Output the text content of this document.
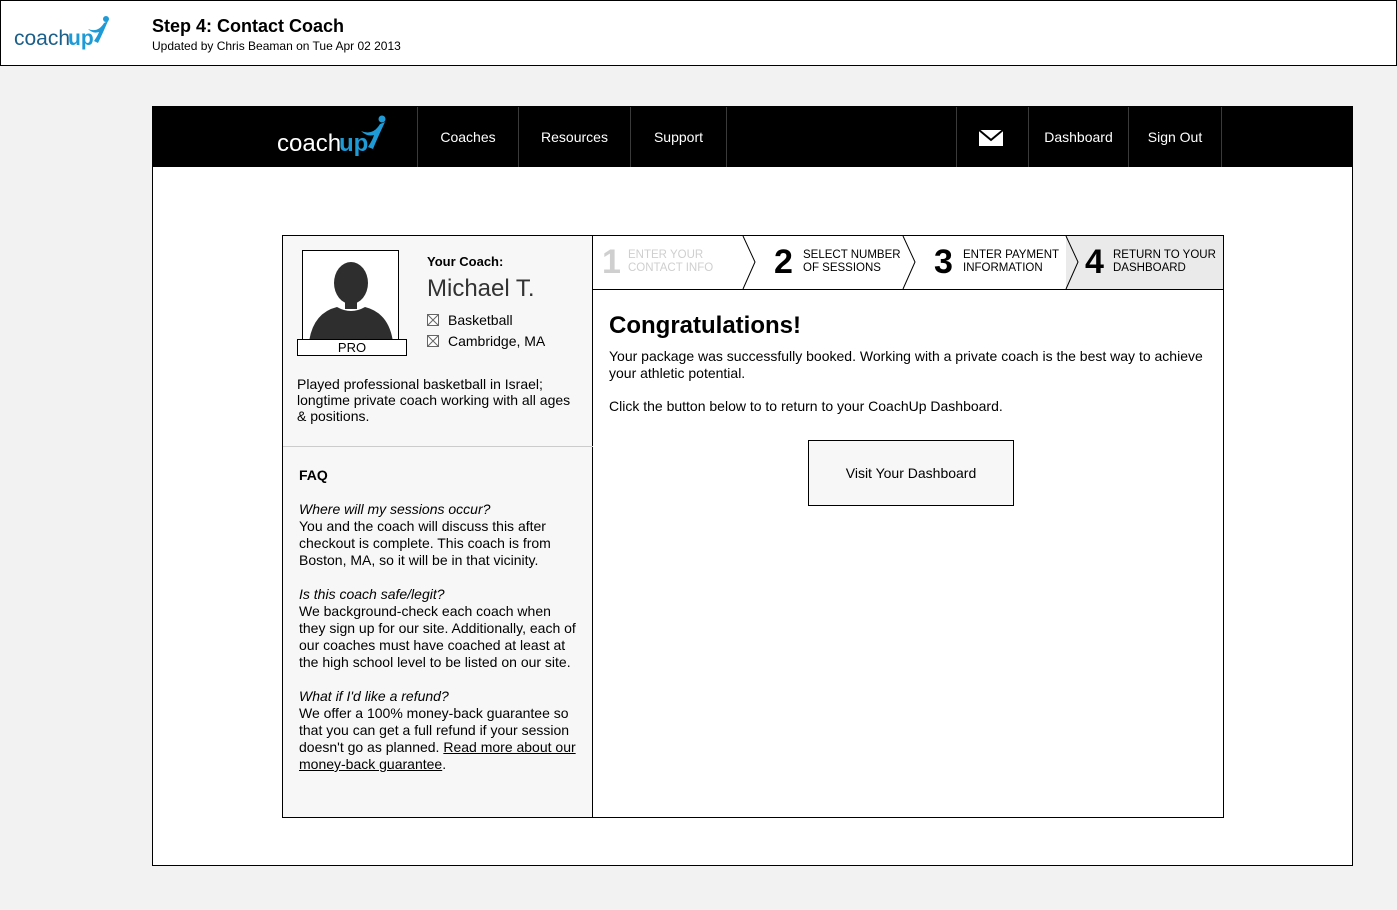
coach
up
Step 4: Contact Coach
Updated by Chris Beaman on Tue Apr 02 2013
coach
up	Coaches	Resources	Support	Dashboard	Sign Out
PRO
Your Coach:
Michael T.
Basketball
Cambridge, MA
Played professional basketball in Israel; longtime private coach working with all ages & positions.
FAQ
Where will my sessions occur?
You and the coach will discuss this after checkout is complete. This coach is from Boston, MA, so it will be in that vicinity.
Is this coach safe/legit?
We background-check each coach when they sign up for our site. Additionally, each of our coaches must have coached at least at the high school level to be listed on our site.
What if I'd like a refund?
We offer a 100% money-back guarantee so that you can get a full refund if your session doesn't go as planned. Read more about our money-back guarantee.
1 ENTER YOUR
CONTACT INFO 2 SELECT NUMBER
OF SESSIONS	3 ENTER PAYMENT
INFORMATION	4 RETURN TO YOUR
DASHBOARD
Congratulations!
Your package was successfully booked. Working with a private coach is the best way to achieve your athletic potential.
Click the button below to to return to your CoachUp Dashboard.
Visit Your Dashboard
